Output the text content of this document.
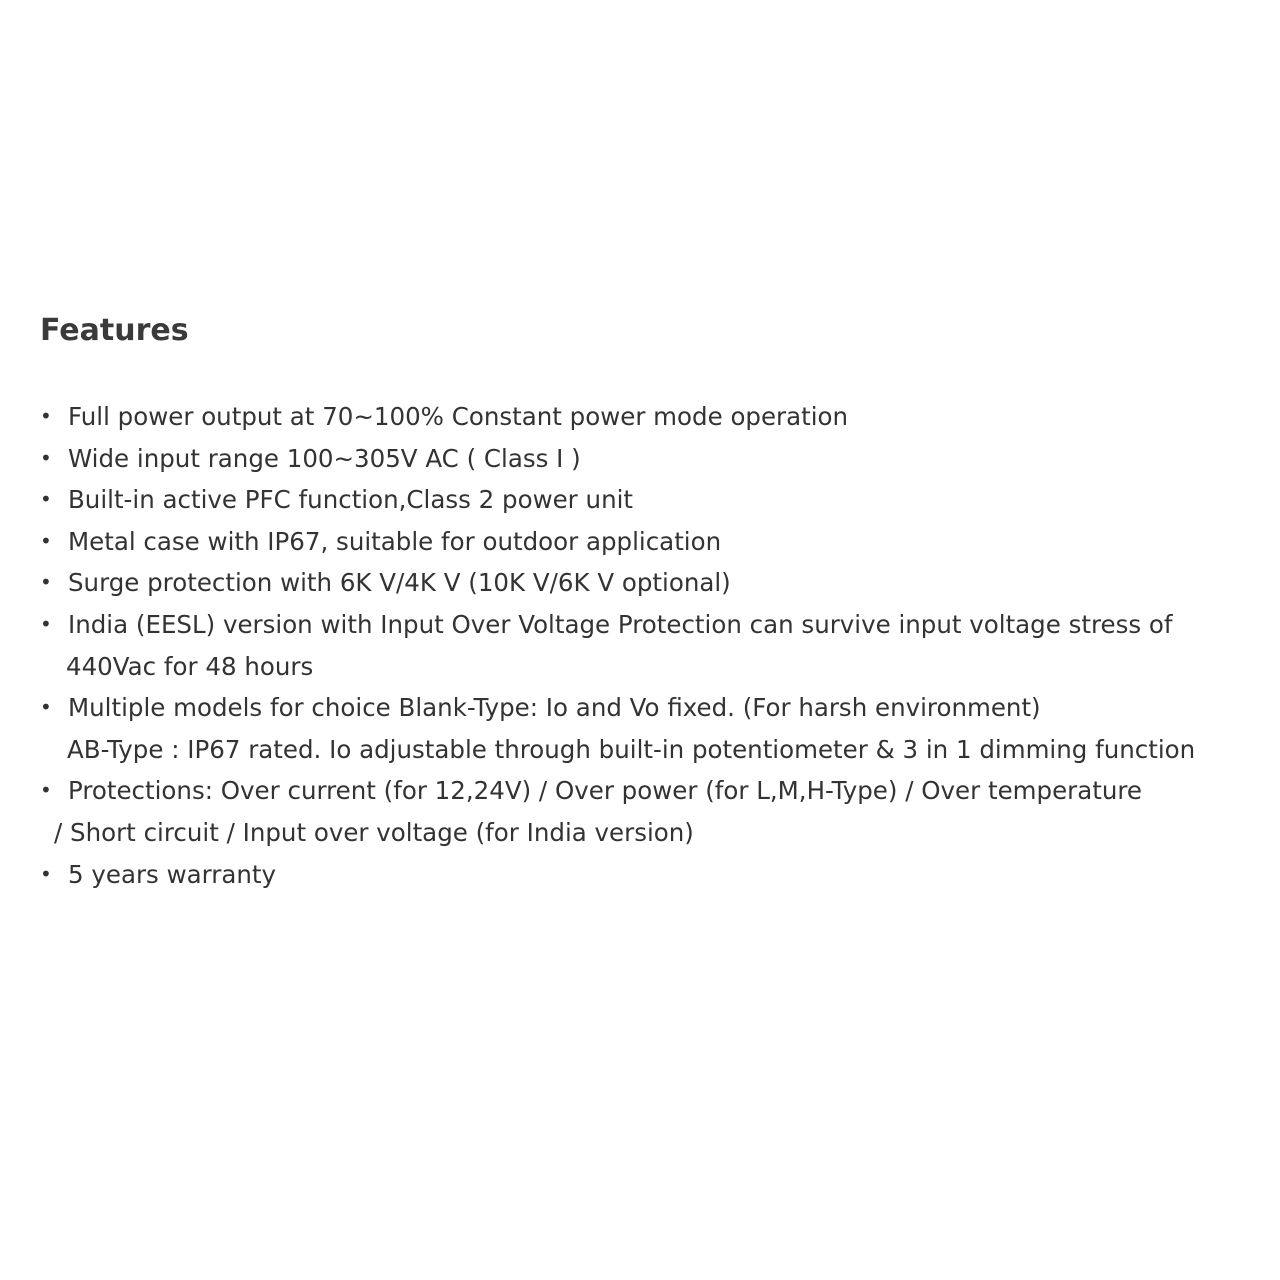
Features
• Full power output at 70~100% Constant power mode operation
• Wide input range 100~305V AC ( Class I )
• Built-in active PFC function,Class 2 power unit
• Metal case with IP67, suitable for outdoor application
• Surge protection with 6K V/4K V (10K V/6K V optional)
• India (EESL) version with Input Over Voltage Protection can survive input voltage stress of
440Vac for 48 hours
• Multiple models for choice Blank-Type: Io and Vo fixed. (For harsh environment)
AB-Type : IP67 rated. Io adjustable through built-in potentiometer & 3 in 1 dimming function
• Protections: Over current (for 12,24V) / Over power (for L,M,H-Type) / Over temperature
/ Short circuit / Input over voltage (for India version)
• 5 years warranty
